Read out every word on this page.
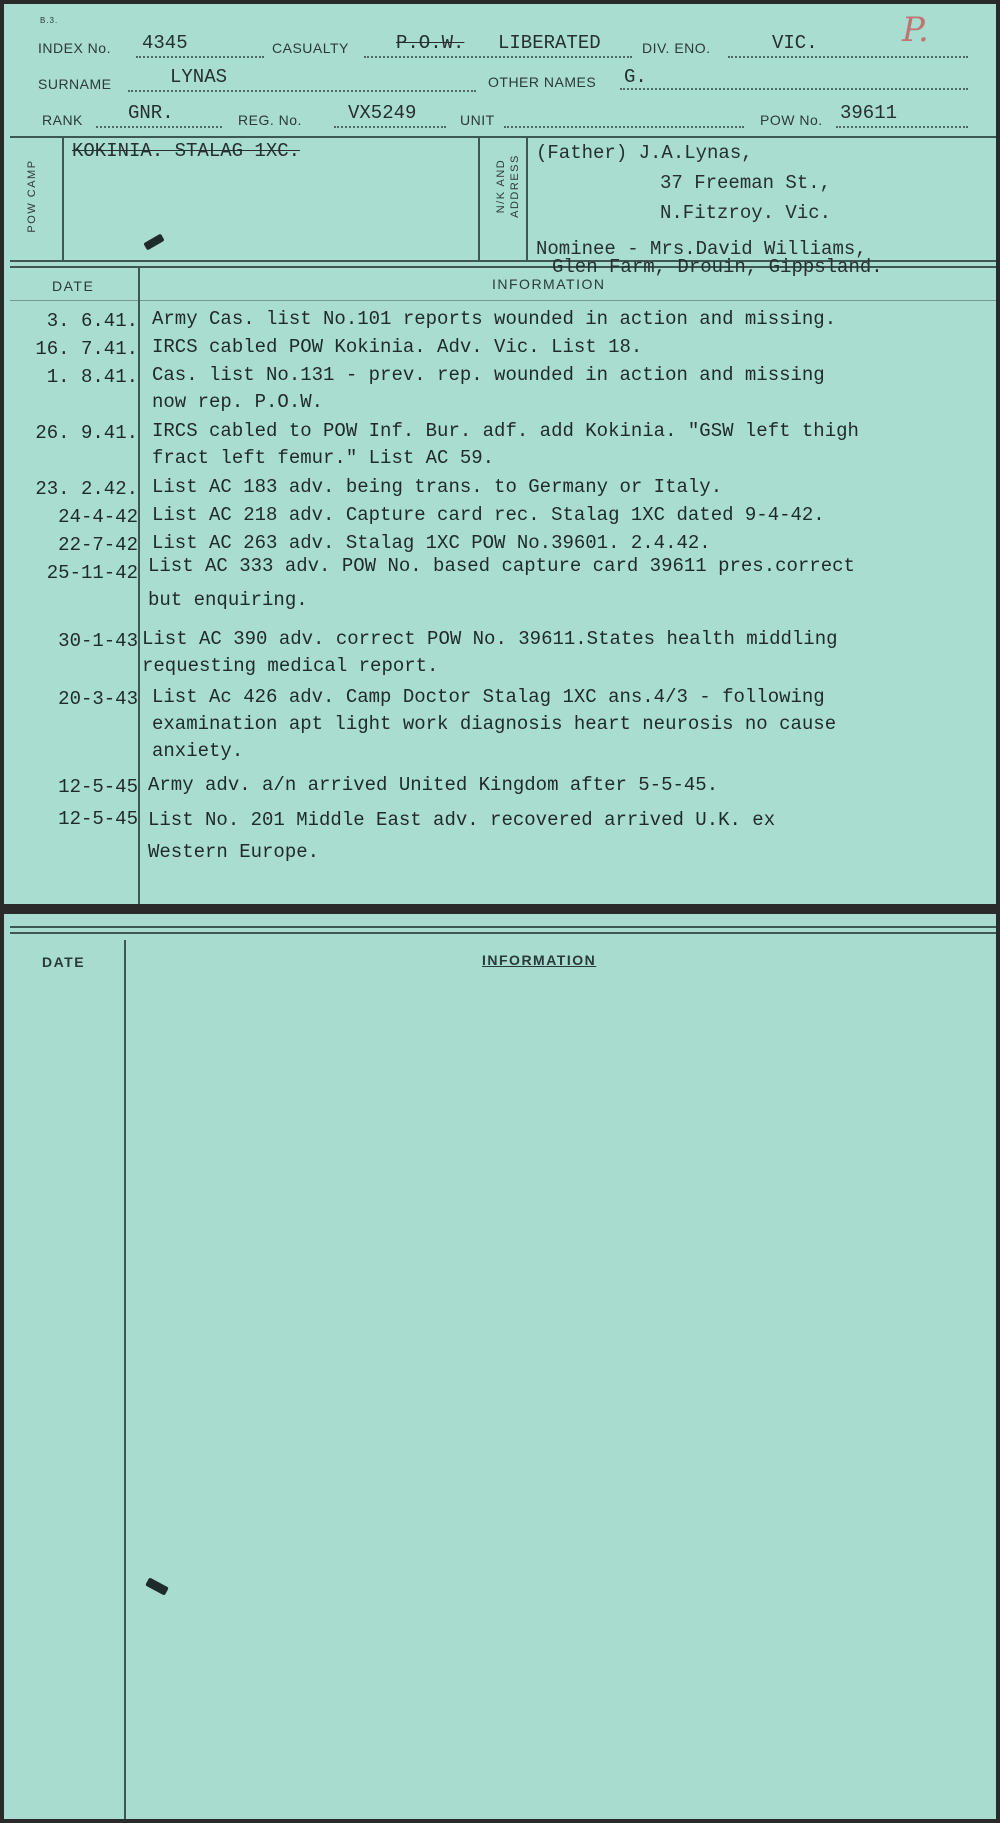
B.3.
INDEX No. 4345	CASUALTY P.O.W. LIBERATED	DIV. ENO.	VIC. P.
SURNAME	LYNAS	OTHER NAMES G.
RANK GNR.	REG. No. VX5249	UNIT	POW No. 39611
POW CAMP
KOKINIA. STALAG 1XC.
N/K AND ADDRESS
(Father) J.A.Lynas,
37 Freeman St.,
N.Fitzroy. Vic.
Nominee - Mrs.David Williams,
Glen Farm, Drouin, Gippsland.
DATE	INFORMATION
3. 6.41. Army Cas. list No.101 reports wounded in action and missing.
16. 7.41. IRCS cabled POW Kokinia. Adv. Vic. List 18.
1. 8.41. Cas. list No.131 - prev. rep. wounded in action and missing
now rep. P.O.W.
26. 9.41. IRCS cabled to POW Inf. Bur. adf. add Kokinia. "GSW left thigh
fract left femur." List AC 59.
23. 2.42. List AC 183 adv. being trans. to Germany or Italy.
24-4-42 List AC 218 adv. Capture card rec. Stalag 1XC dated 9-4-42.
22-7-42 List AC 263 adv. Stalag 1XC POW No.39601. 2.4.42.
25-11-42 List AC 333 adv. POW No. based capture card 39611 pres.correct

but enquiring.
30-1-43 List AC 390 adv. correct POW No. 39611.States health middling
requesting medical report.
20-3-43 List Ac 426 adv. Camp Doctor Stalag 1XC ans.4/3 - following
examination apt light work diagnosis heart neurosis no cause
anxiety.
12-5-45 Army adv. a/n arrived United Kingdom after 5-5-45.
12-5-45 List No. 201 Middle East adv. recovered arrived U.K. ex
Western Europe.
DATE	INFORMATION
